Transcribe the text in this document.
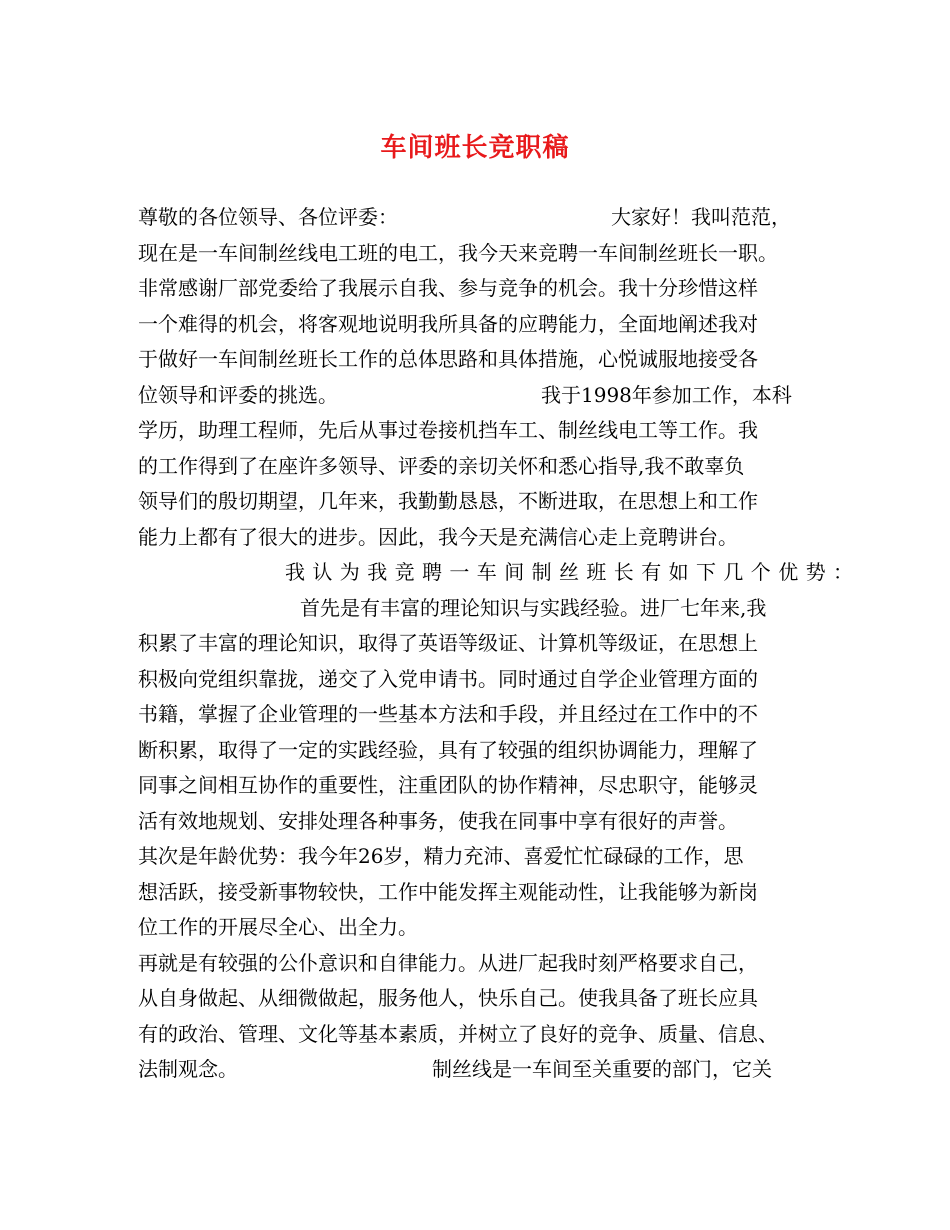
车间班长竞职稿
尊敬的各位领导、各位评委：	大家好！我叫范范，
现在是一车间制丝线电工班的电工，我今天来竞聘一车间制丝班长一职。
非常感谢厂部党委给了我展示自我、参与竞争的机会。我十分珍惜这样
一个难得的机会，将客观地说明我所具备的应聘能力，全面地阐述我对
于做好一车间制丝班长工作的总体思路和具体措施，心悦诚服地接受各
位领导和评委的挑选。	我于1998年参加工作，本科
学历，助理工程师，先后从事过卷接机挡车工、制丝线电工等工作。我
的工作得到了在座许多领导、评委的亲切关怀和悉心指导,我不敢辜负
领导们的殷切期望，几年来，我勤勤恳恳，不断进取，在思想上和工作
能力上都有了很大的进步。因此，我今天是充满信心走上竞聘讲台。
我认为我竞聘一车间制丝班长有如下几个优势：
首先是有丰富的理论知识与实践经验。进厂七年来,我
积累了丰富的理论知识，取得了英语等级证、计算机等级证，在思想上
积极向党组织靠拢，递交了入党申请书。同时通过自学企业管理方面的
书籍，掌握了企业管理的一些基本方法和手段，并且经过在工作中的不
断积累，取得了一定的实践经验，具有了较强的组织协调能力，理解了
同事之间相互协作的重要性，注重团队的协作精神，尽忠职守，能够灵
活有效地规划、安排处理各种事务，使我在同事中享有很好的声誉。
其次是年龄优势：我今年26岁，精力充沛、喜爱忙忙碌碌的工作，思
想活跃，接受新事物较快，工作中能发挥主观能动性，让我能够为新岗
位工作的开展尽全心、出全力。
再就是有较强的公仆意识和自律能力。从进厂起我时刻严格要求自己，
从自身做起、从细微做起，服务他人，快乐自己。使我具备了班长应具
有的政治、管理、文化等基本素质，并树立了良好的竞争、质量、信息、
法制观念。	制丝线是一车间至关重要的部门，它关
